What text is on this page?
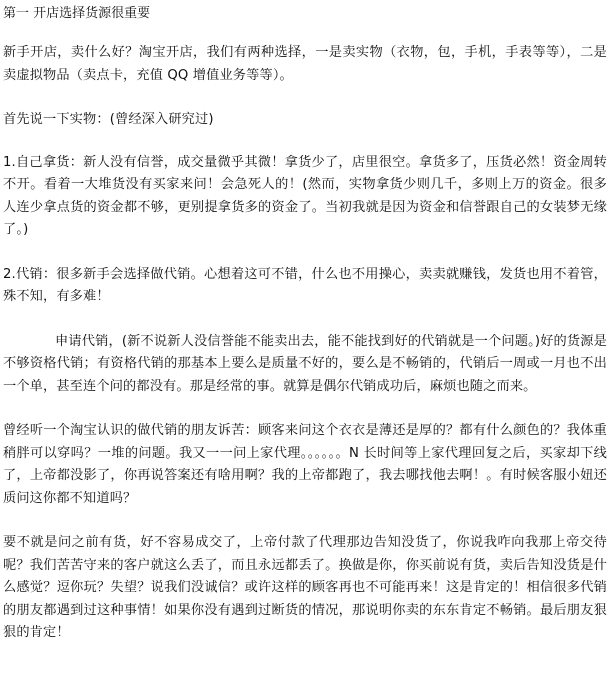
第一 开店选择货源很重要

新手开店，卖什么好？淘宝开店，我们有两种选择，一是卖实物（衣物，包，手机，手表等等），二是卖虚拟物品（卖点卡，充值 QQ 增值业务等等）。

首先说一下实物：(曾经深入研究过)

1.自己拿货：新人没有信誉，成交量微乎其微！拿货少了，店里很空。拿货多了，压货必然！资金周转不开。看着一大堆货没有买家来问！会急死人的！(然而，实物拿货少则几千，多则上万的资金。很多人连少拿点货的资金都不够，更别提拿货多的资金了。当初我就是因为资金和信誉跟自己的女装梦无缘了。)

2.代销：很多新手会选择做代销。心想着这可不错，什么也不用操心，卖卖就赚钱，发货也用不着管，殊不知，有多难！

申请代销，(新不说新人没信誉能不能卖出去，能不能找到好的代销就是一个问题。)好的货源是不够资格代销；有资格代销的那基本上要么是质量不好的，要么是不畅销的，代销后一周或一月也不出一个单，甚至连个问的都没有。那是经常的事。就算是偶尔代销成功后，麻烦也随之而来。

曾经听一个淘宝认识的做代销的朋友诉苦：顾客来问这个衣衣是薄还是厚的？都有什么颜色的？我体重稍胖可以穿吗？一堆的问题。我又一一问上家代理。。。。。。N 长时间等上家代理回复之后，买家却下线了，上帝都没影了，你再说答案还有啥用啊？我的上帝都跑了，我去哪找他去啊！。有时候客服小妞还质问这你都不知道吗？

要不就是问之前有货，好不容易成交了，上帝付款了代理那边告知没货了，你说我咋向我那上帝交待呢？我们苦苦守来的客户就这么丢了，而且永远都丢了。换做是你，你买前说有货，卖后告知没货是什么感觉？逗你玩？失望？说我们没诚信？或许这样的顾客再也不可能再来！这是肯定的！相信很多代销的朋友都遇到过这种事情！如果你没有遇到过断货的情况，那说明你卖的东东肯定不畅销。最后朋友狠狠的肯定！
